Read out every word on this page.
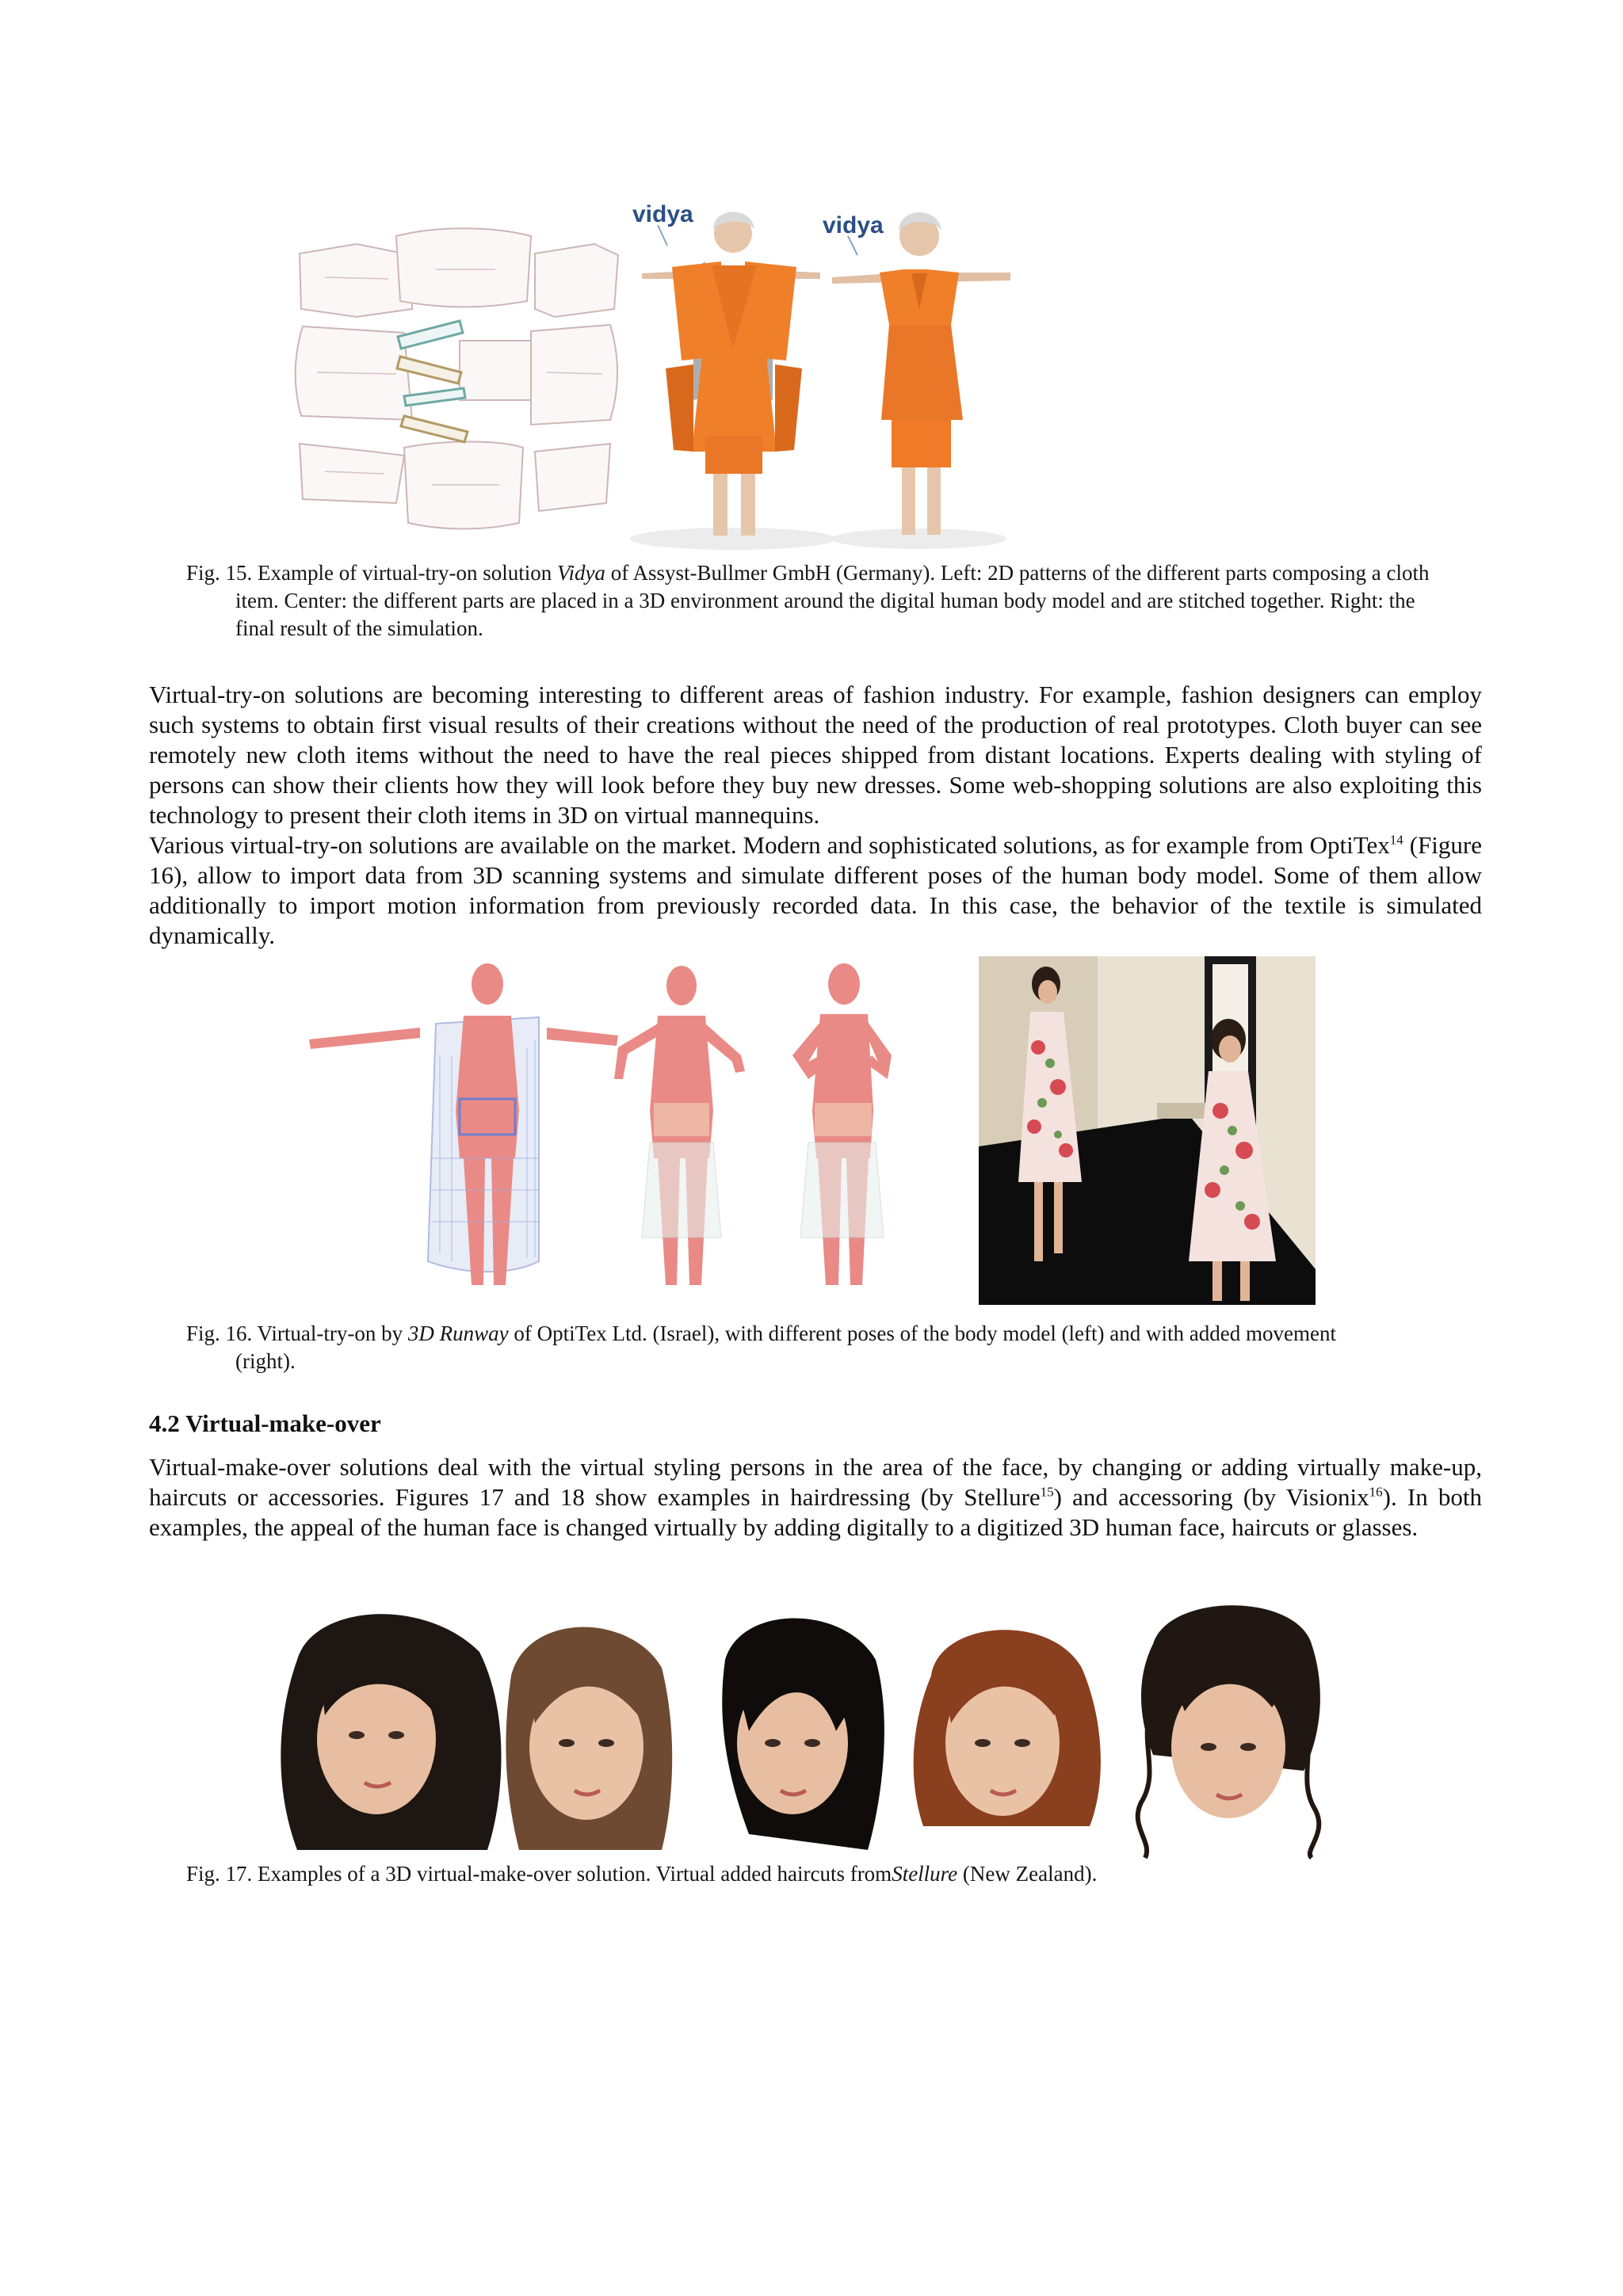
vidya	vidya
Fig. 15. Example of virtual-try-on solution Vidya of Assyst-Bullmer GmbH (Germany). Left: 2D patterns of the different parts composing a cloth item. Center: the different parts are placed in a 3D environment around the digital human body model and are stitched together. Right: the final result of the simulation.

Virtual-try-on solutions are becoming interesting to different areas of fashion industry. For example, fashion designers can employ such systems to obtain first visual results of their creations without the need of the production of real prototypes. Cloth buyer can see remotely new cloth items without the need to have the real pieces shipped from distant locations. Experts dealing with styling of persons can show their clients how they will look before they buy new dresses. Some web-shopping solutions are also exploiting this technology to present their cloth items in 3D on virtual mannequins.

Various virtual-try-on solutions are available on the market. Modern and sophisticated solutions, as for example from OptiTex$^{14}$ (Figure 16), allow to import data from 3D scanning systems and simulate different poses of the human body model. Some of them allow additionally to import motion information from previously recorded data. In this case, the behavior of the textile is simulated dynamically.

Fig. 16. Virtual-try-on by 3D Runway of OptiTex Ltd. (Israel), with different poses of the body model (left) and with added movement (right).
4.2 Virtual-make-over

Virtual-make-over solutions deal with the virtual styling persons in the area of the face, by changing or adding virtually make-up, haircuts or accessories. Figures 17 and 18 show examples in hairdressing (by Stellure$^{15}$) and accessoring (by Visionix$^{16}$). In both examples, the appeal of the human face is changed virtually by adding digitally to a digitized 3D human face, haircuts or glasses.

Fig. 17. Examples of a 3D virtual-make-over solution. Virtual added haircuts fromStellure (New Zealand).
